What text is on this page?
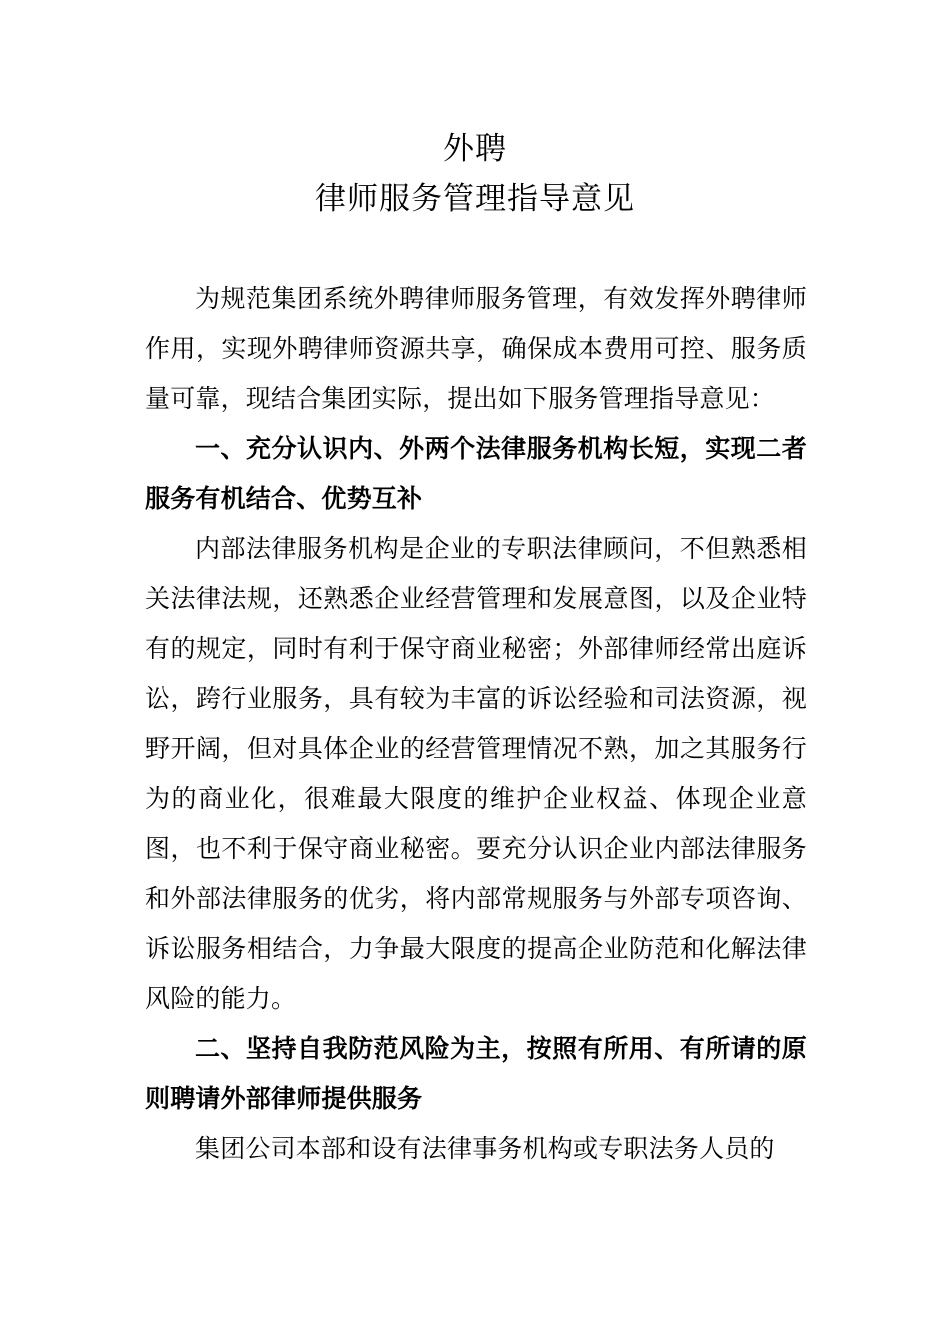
外聘
律师服务管理指导意见

为规范集团系统外聘律师服务管理，有效发挥外聘律师作用，实现外聘律师资源共享，确保成本费用可控、服务质量可靠，现结合集团实际，提出如下服务管理指导意见：

一、充分认识内、外两个法律服务机构长短，实现二者服务有机结合、优势互补

内部法律服务机构是企业的专职法律顾问，不但熟悉相关法律法规，还熟悉企业经营管理和发展意图，以及企业特有的规定，同时有利于保守商业秘密；外部律师经常出庭诉讼，跨行业服务，具有较为丰富的诉讼经验和司法资源，视野开阔，但对具体企业的经营管理情况不熟，加之其服务行为的商业化，很难最大限度的维护企业权益、体现企业意图，也不利于保守商业秘密。要充分认识企业内部法律服务和外部法律服务的优劣，将内部常规服务与外部专项咨询、诉讼服务相结合，力争最大限度的提高企业防范和化解法律风险的能力。

二、坚持自我防范风险为主，按照有所用、有所请的原则聘请外部律师提供服务

集团公司本部和设有法律事务机构或专职法务人员的
